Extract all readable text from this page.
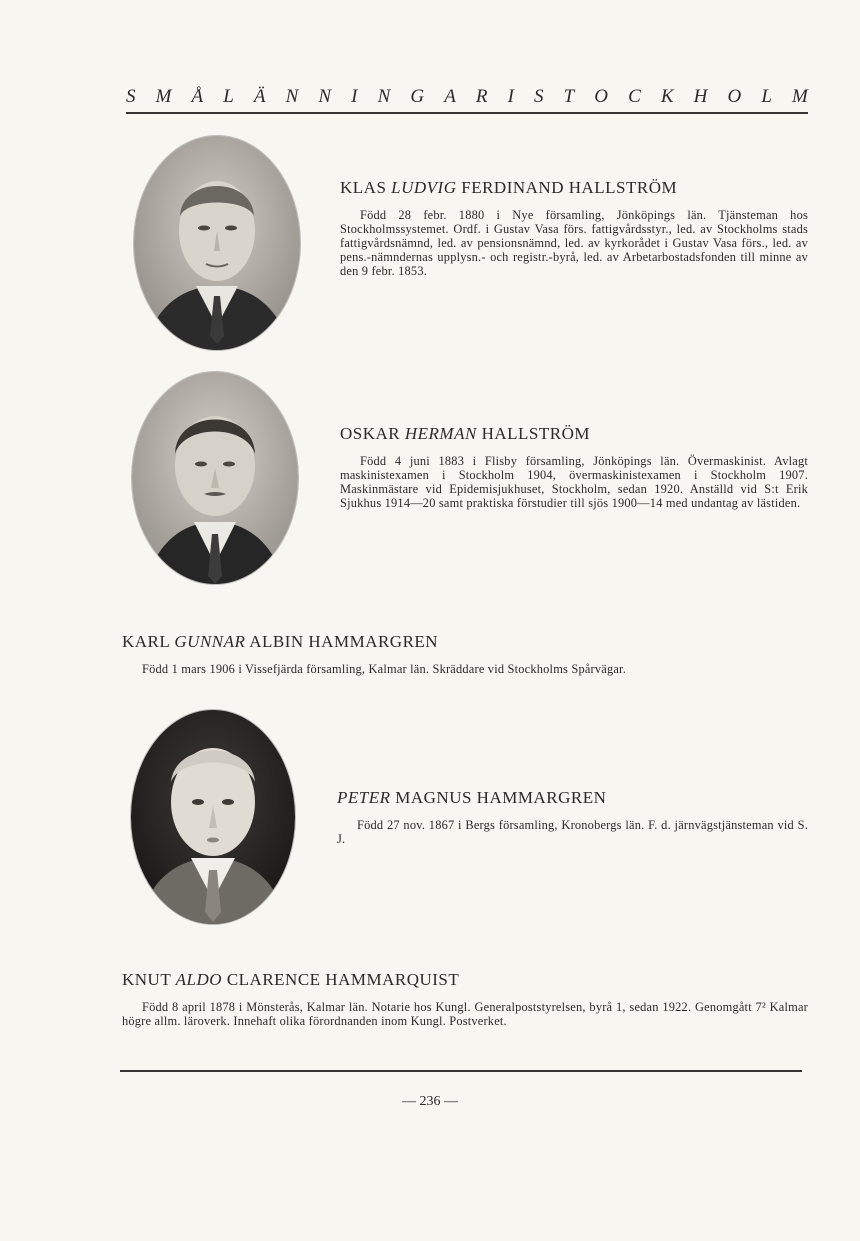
S M Å L Ä N N I N G A R I S T O C K H O L M
KLAS LUDVIG FERDINAND HALLSTRÖM

Född 28 febr. 1880 i Nye församling, Jönköpings län. Tjänsteman hos Stockholmssystemet. Ordf. i Gustav Vasa förs. fattigvårdsstyr., led. av Stockholms stads fattigvårdsnämnd, led. av pensionsnämnd, led. av kyrkorådet i Gustav Vasa förs., led. av pens.-nämndernas upplysn.- och registr.-byrå, led. av Arbetarbostadsfonden till minne av den 9 febr. 1853.

OSKAR HERMAN HALLSTRÖM

Född 4 juni 1883 i Flisby församling, Jönköpings län. Övermaskinist. Avlagt maskinistexamen i Stockholm 1904, övermaskinistexamen i Stockholm 1907. Maskinmästare vid Epidemisjukhuset, Stockholm, sedan 1920. Anställd vid S:t Erik Sjukhus 1914—20 samt praktiska förstudier till sjös 1900—14 med undantag av lästiden.

KARL GUNNAR ALBIN HAMMARGREN

Född 1 mars 1906 i Vissefjärda församling, Kalmar län. Skräddare vid Stockholms Spårvägar.

PETER MAGNUS HAMMARGREN

Född 27 nov. 1867 i Bergs församling, Kronobergs län. F. d. järnvägstjänsteman vid S. J.

KNUT ALDO CLARENCE HAMMARQUIST

Född 8 april 1878 i Mönsterås, Kalmar län. Notarie hos Kungl. Generalpoststyrelsen, byrå 1, sedan 1922. Genomgått 7² Kalmar högre allm. läroverk. Innehaft olika förordnanden inom Kungl. Postverket.

— 236 —
